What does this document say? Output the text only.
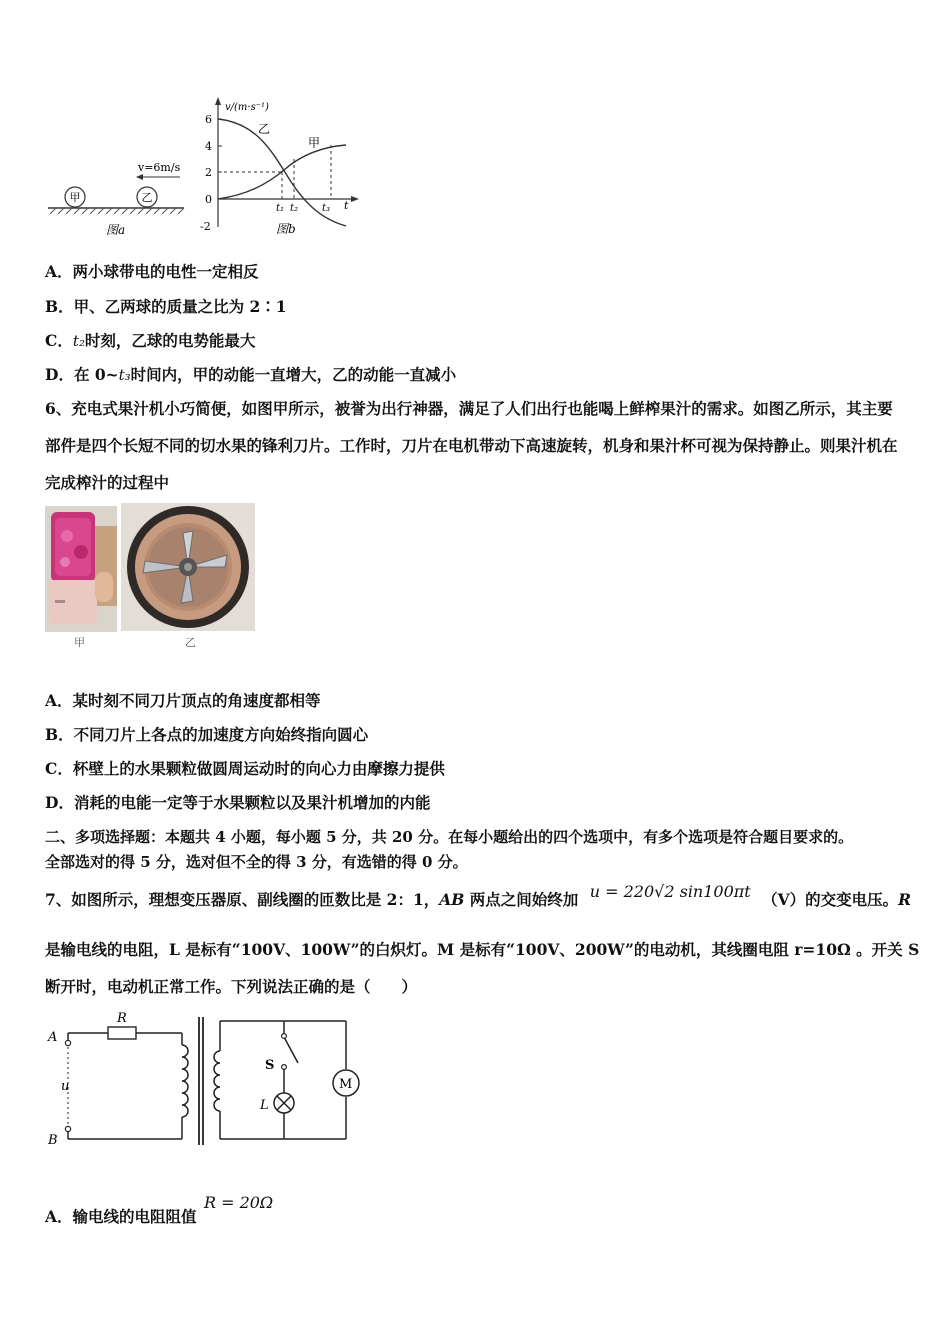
甲	乙
v=6m/s
图a
v/(m·s⁻¹)
t
6
4
2
0
-2
乙
甲
t₁ t₂ t₃
图b
A．两小球带电的电性一定相反
B．甲、乙两球的质量之比为 2∶1
C．t₂时刻，乙球的电势能最大
D．在 0~t₃时间内，甲的动能一直增大，乙的动能一直减小
6、充电式果汁机小巧简便，如图甲所示，被誉为出行神器，满足了人们出行也能喝上鲜榨果汁的需求。如图乙所示，其主要部件是四个长短不同的切水果的锋利刀片。工作时，刀片在电机带动下高速旋转，机身和果汁杯可视为保持静止。则果汁机在完成榨汁的过程中
甲	乙
A．某时刻不同刀片顶点的角速度都相等
B．不同刀片上各点的加速度方向始终指向圆心
C．杯壁上的水果颗粒做圆周运动时的向心力由摩擦力提供
D．消耗的电能一定等于水果颗粒以及果汁机增加的内能
二、多项选择题：本题共 4 小题，每小题 5 分，共 20 分。在每小题给出的四个选项中，有多个选项是符合题目要求的。
全部选对的得 5 分，选对但不全的得 3 分，有选错的得 0 分。
7、如图所示，理想变压器原、副线圈的匝数比是 2：1，AB 两点之间始终加 u = 220√2 sin100πt （V）的交变电压。R
是输电线的电阻，L 是标有“100V、100W”的白炽灯。M 是标有“100V、200W”的电动机，其线圈电阻 r=10Ω 。开关 S
断开时，电动机正常工作。下列说法正确的是（　　）
A
B
R
u
S
L
M
A．输电线的电阻阻值 R = 20Ω
